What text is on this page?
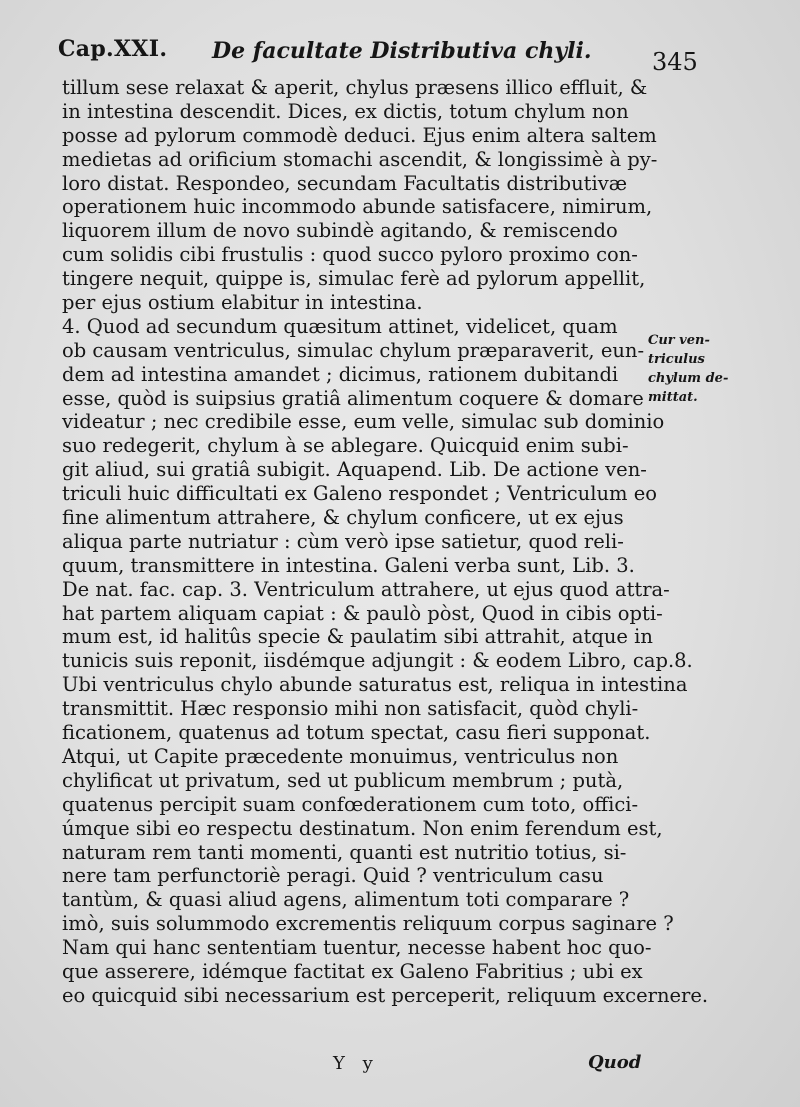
Cap.XXI. De facultate Distributiva chyli.	345
tillum sese relaxat & aperit, chylus præsens illico effluit, &
in intestina descendit. Dices, ex dictis, totum chylum non
posse ad pylorum commodè deduci. Ejus enim altera saltem
medietas ad orificium stomachi ascendit, & longissimè à py-
loro distat. Respondeo, secundam Facultatis distributivæ
operationem huic incommodo abunde satisfacere, nimirum,
liquorem illum de novo subindè agitando, & remiscendo
cum solidis cibi frustulis : quod succo pyloro proximo con-
tingere nequit, quippe is, simulac ferè ad pylorum appellit,
per ejus ostium elabitur in intestina.
4. Quod ad secundum quæsitum attinet, videlicet, quam
ob causam ventriculus, simulac chylum præparaverit, eun-
dem ad intestina amandet ; dicimus, rationem dubitandi
esse, quòd is suipsius gratiâ alimentum coquere & domare
videatur ; nec credibile esse, eum velle, simulac sub dominio
suo redegerit, chylum à se ablegare. Quicquid enim subi-
git aliud, sui gratiâ subigit. Aquapend. Lib. De actione ven-
triculi huic difficultati ex Galeno respondet ; Ventriculum eo
fine alimentum attrahere, & chylum conficere, ut ex ejus
aliqua parte nutriatur : cùm verò ipse satietur, quod reli-
quum, transmittere in intestina. Galeni verba sunt, Lib. 3.
De nat. fac. cap. 3. Ventriculum attrahere, ut ejus quod attra-
hat partem aliquam capiat : & paulò pòst, Quod in cibis opti-
mum est, id halitûs specie & paulatim sibi attrahit, atque in
tunicis suis reponit, iisdémque adjungit : & eodem Libro, cap.8.
Ubi ventriculus chylo abunde saturatus est, reliqua in intestina
transmittit. Hæc responsio mihi non satisfacit, quòd chyli-
ficationem, quatenus ad totum spectat, casu fieri supponat.
Atqui, ut Capite præcedente monuimus, ventriculus non
chylificat ut privatum, sed ut publicum membrum ; putà,
quatenus percipit suam confœderationem cum toto, offici-
úmque sibi eo respectu destinatum. Non enim ferendum est,
naturam rem tanti momenti, quanti est nutritio totius, si-
nere tam perfunctoriè peragi. Quid ? ventriculum casu
tantùm, & quasi aliud agens, alimentum toti comparare ?
imò, suis solummodo excrementis reliquum corpus saginare ?
Nam qui hanc sententiam tuentur, necesse habent hoc quo-
que asserere, idémque factitat ex Galeno Fabritius ; ubi ex
eo quicquid sibi necessarium est perceperit, reliquum excernere.
Cur ven-
triculus
chylum de-
mittat.
Y y	Quod
